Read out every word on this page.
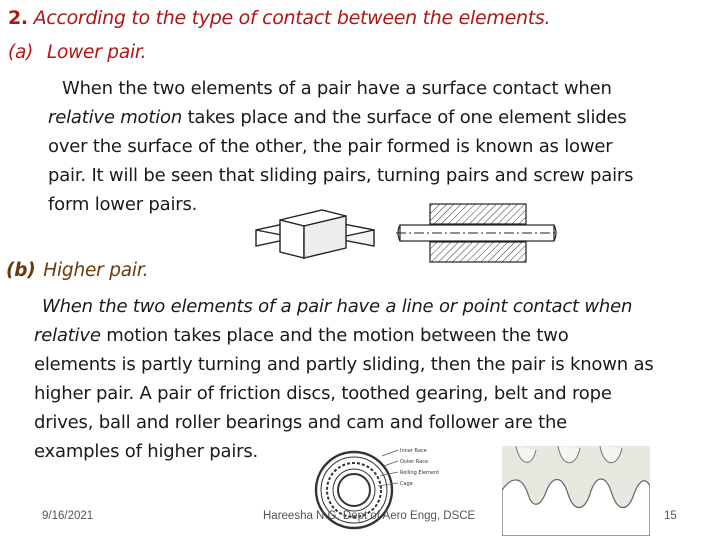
2. According to the type of contact between the elements.
(a) Lower pair.
When the two elements of a pair have a surface contact when
relative motion takes place and the surface of one element slides
over the surface of the other, the pair formed is known as lower
pair. It will be seen that sliding pairs, turning pairs and screw pairs
form lower pairs.
(b) Higher pair.
When the two elements of a pair have a line or point contact when
relative motion takes place and the motion between the two
elements is partly turning and partly sliding, then the pair is known as
higher pair. A pair of friction discs, toothed gearing, belt and rope
drives, ball and roller bearings and cam and follower are the
examples of higher pairs.	Inner Race
Outer Race
Rolling Element
Cage
9/16/2021	Hareesha N G, Dept of Aero Engg, DSCE	15
